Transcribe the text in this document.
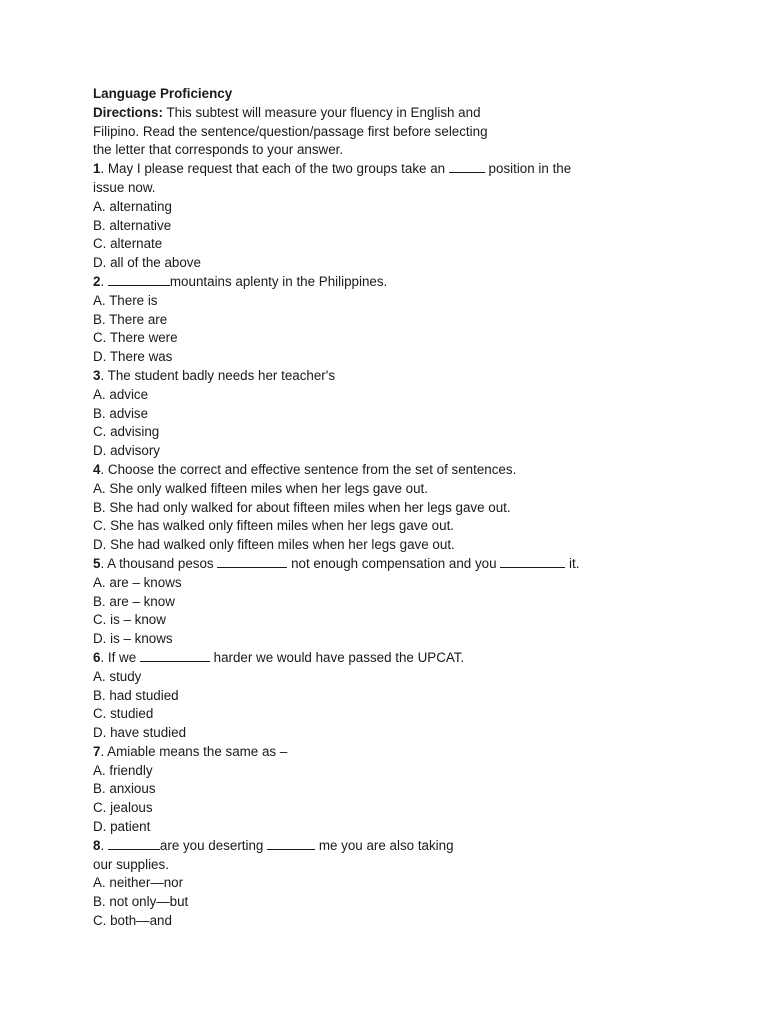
Language Proficiency
Directions: This subtest will measure your fluency in English and
Filipino. Read the sentence/question/passage first before selecting
the letter that corresponds to your answer.
1. May I please request that each of the two groups take an	position in the
issue now.
A. alternating
B. alternative
C. alternate
D. all of the above
2.	mountains aplenty in the Philippines.
A. There is
B. There are
C. There were
D. There was
3. The student badly needs her teacher's
A. advice
B. advise
C. advising
D. advisory
4. Choose the correct and effective sentence from the set of sentences.
A. She only walked fifteen miles when her legs gave out.
B. She had only walked for about fifteen miles when her legs gave out.
C. She has walked only fifteen miles when her legs gave out.
D. She had walked only fifteen miles when her legs gave out.
5. A thousand pesos	not enough compensation and you	it.
A. are – knows
B. are – know
C. is – know
D. is – knows
6. If we	harder we would have passed the UPCAT.
A. study
B. had studied
C. studied
D. have studied
7. Amiable means the same as –
A. friendly
B. anxious
C. jealous
D. patient
8.	are you deserting	me you are also taking
our supplies.
A. neither—nor
B. not only—but
C. both—and
